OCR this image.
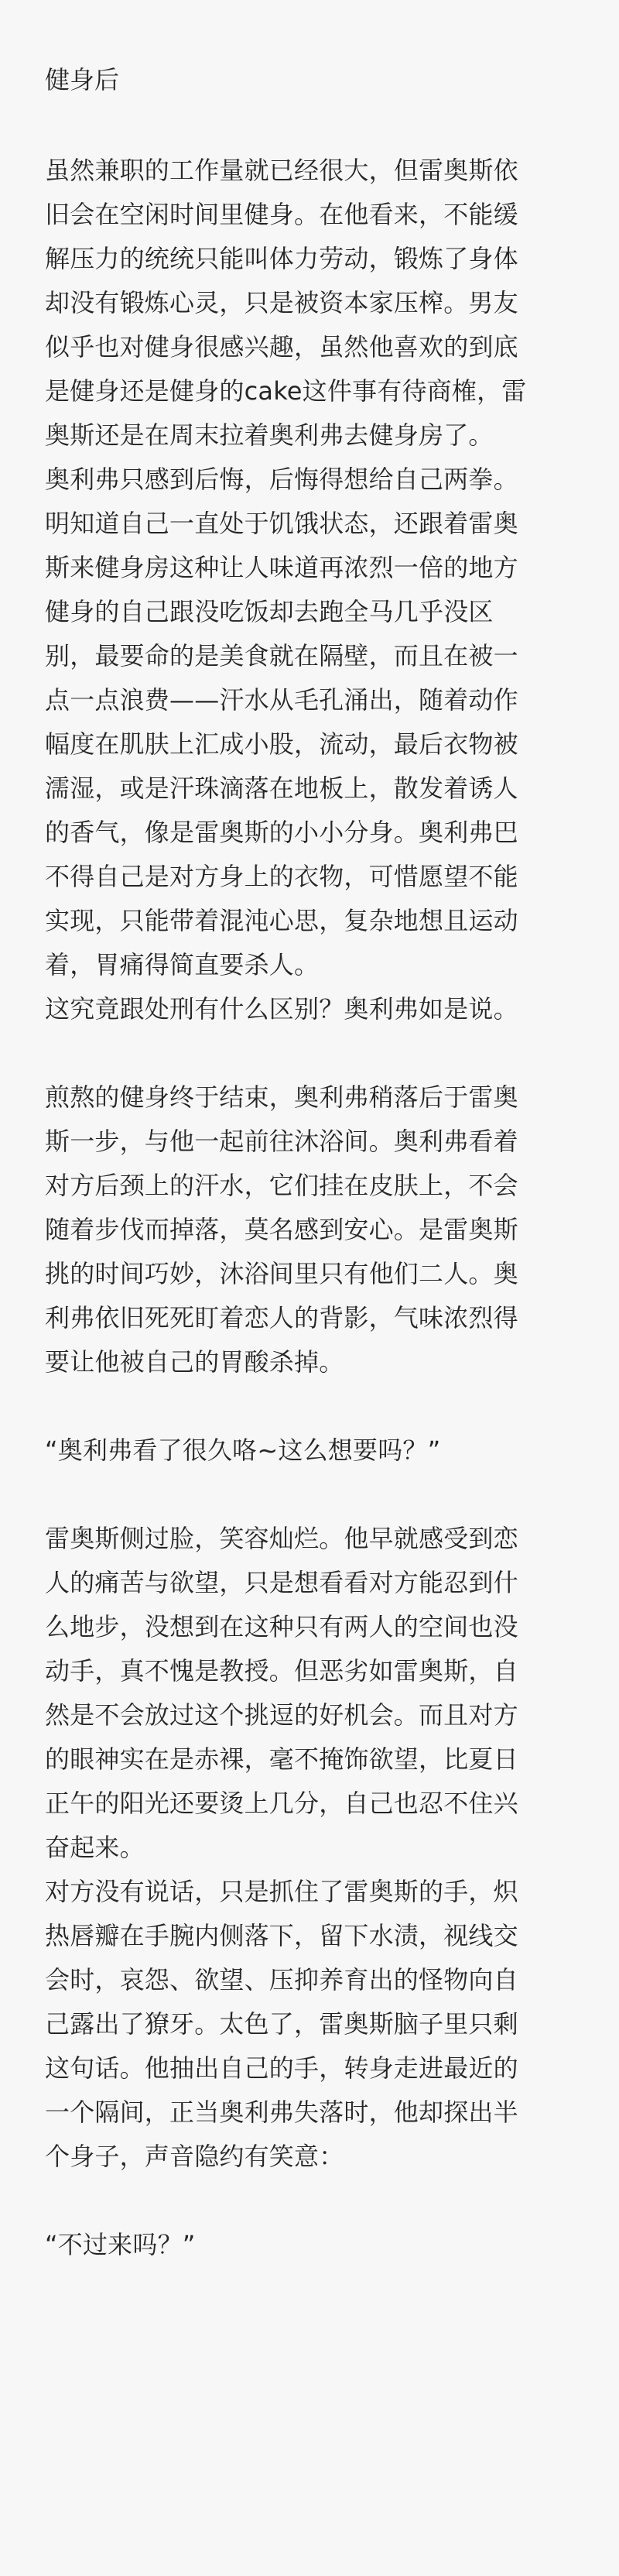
健身后

虽然兼职的工作量就已经很大，但雷奥斯依
旧会在空闲时间里健身。在他看来，不能缓
解压力的统统只能叫体力劳动，锻炼了身体
却没有锻炼心灵，只是被资本家压榨。男友
似乎也对健身很感兴趣，虽然他喜欢的到底
是健身还是健身的cake这件事有待商榷，雷
奥斯还是在周末拉着奥利弗去健身房了。
奥利弗只感到后悔，后悔得想给自己两拳。
明知道自己一直处于饥饿状态，还跟着雷奥
斯来健身房这种让人味道再浓烈一倍的地方
健身的自己跟没吃饭却去跑全马几乎没区
别，最要命的是美食就在隔壁，而且在被一
点一点浪费——汗水从毛孔涌出，随着动作
幅度在肌肤上汇成小股，流动，最后衣物被
濡湿，或是汗珠滴落在地板上，散发着诱人
的香气，像是雷奥斯的小小分身。奥利弗巴
不得自己是对方身上的衣物，可惜愿望不能
实现，只能带着混沌心思，复杂地想且运动
着，胃痛得简直要杀人。
这究竟跟处刑有什么区别？奥利弗如是说。

煎熬的健身终于结束，奥利弗稍落后于雷奥
斯一步，与他一起前往沐浴间。奥利弗看着
对方后颈上的汗水，它们挂在皮肤上，不会
随着步伐而掉落，莫名感到安心。是雷奥斯
挑的时间巧妙，沐浴间里只有他们二人。奥
利弗依旧死死盯着恋人的背影，气味浓烈得
要让他被自己的胃酸杀掉。

“奥利弗看了很久咯~这么想要吗？”

雷奥斯侧过脸，笑容灿烂。他早就感受到恋
人的痛苦与欲望，只是想看看对方能忍到什
么地步，没想到在这种只有两人的空间也没
动手，真不愧是教授。但恶劣如雷奥斯，自
然是不会放过这个挑逗的好机会。而且对方
的眼神实在是赤裸，毫不掩饰欲望，比夏日
正午的阳光还要烫上几分，自己也忍不住兴
奋起来。
对方没有说话，只是抓住了雷奥斯的手，炽
热唇瓣在手腕内侧落下，留下水渍，视线交
会时，哀怨、欲望、压抑养育出的怪物向自
己露出了獠牙。太色了，雷奥斯脑子里只剩
这句话。他抽出自己的手，转身走进最近的
一个隔间，正当奥利弗失落时，他却探出半
个身子，声音隐约有笑意：

“不过来吗？”
